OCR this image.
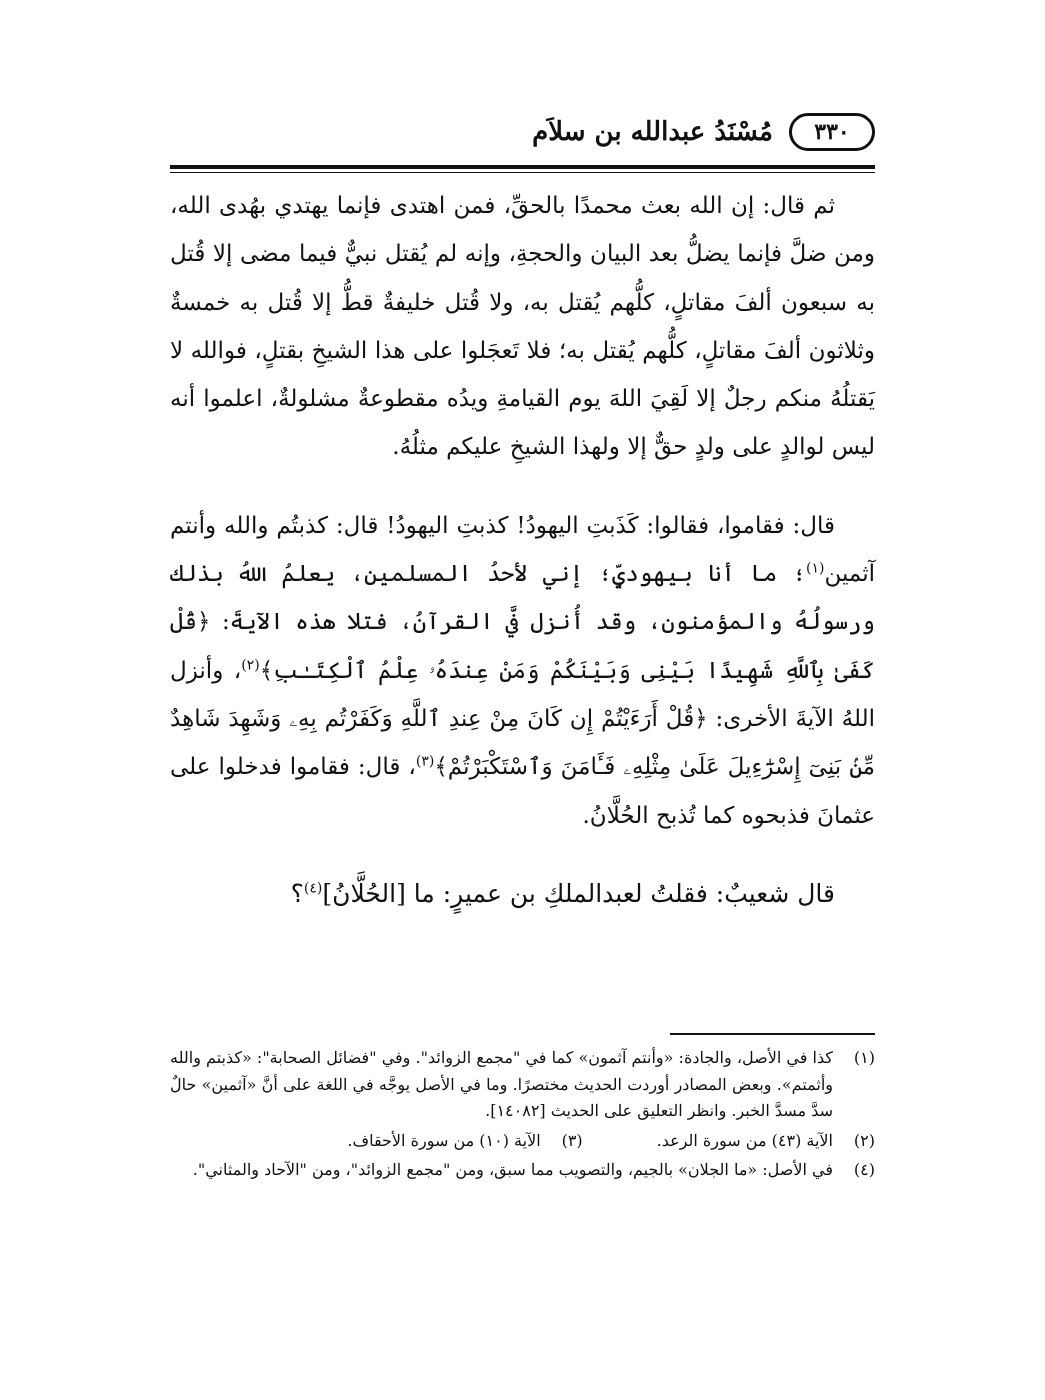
٣٣٠
مُسْنَدُ عبدالله بن سلاَم

ثم قال: إن الله بعث محمدًا بالحقِّ، فمن اهتدى فإنما يهتدي بهُدى الله، ومن ضلَّ فإنما يضلُّ بعد البيان والحجةِ، وإنه لم يُقتل نبيٌّ فيما مضى إلا قُتل به سبعون ألفَ مقاتلٍ، كلُّهم يُقتل به، ولا قُتل خليفةٌ قطُّ إلا قُتل به خمسةٌ وثلاثون ألفَ مقاتلٍ، كلُّهم يُقتل به؛ فلا تَعجَلوا على هذا الشيخِ بقتلٍ، فوالله لا يَقتلُهُ منكم رجلٌ إلا لَقِيَ اللهَ يوم القيامةِ ويدُه مقطوعةٌ مشلولةٌ، اعلموا أنه ليس لوالدٍ على ولدٍ حقٌّ إلا ولهذا الشيخِ عليكم مثلُهُ.

قال: فقاموا، فقالوا: كَذَبتِ اليهودُ! كذبتِ اليهودُ! قال: كذبتُم والله وأنتم آثمين$^{(١)}$؛ ما أنا بيهوديٍّ؛ إني لأحدُ المسلمين، يعلمُ اللهُ بذلك ورسولُهُ والمؤمنون، وقد أُنزل فيَّ القرآنُ، فتلا هذه الآيةَ: ﴿قُلْ كَفَىٰ بِٱللَّهِ شَهِيدًا بَيْنِى وَبَيْنَكُمْ وَمَنْ عِندَهُۥ عِلْمُ ٱلْكِتَـٰبِ﴾$^{(٢)}$، وأنزل اللهُ الآيةَ الأخرى: ﴿قُلْ أَرَءَيْتُمْ إِن كَانَ مِنْ عِندِ ٱللَّهِ وَكَفَرْتُم بِهِۦ وَشَهِدَ شَاهِدٌ مِّنۢ بَنِىٓ إِسْرَٰٓءِيلَ عَلَىٰ مِثْلِهِۦ فَـَٔامَنَ وَٱسْتَكْبَرْتُمْ﴾$^{(٣)}$، قال: فقاموا فدخلوا على عثمانَ فذبحوه كما تُذبح الحُلَّانُ.

قال شعيبٌ: فقلتُ لعبدالملكِ بن عميرٍ: ما [الحُلَّانُ]$^{(٤)}$؟

(١)
كذا في الأصل، والجادة: «وأنتم آثمون» كما في "مجمع الزوائد". وفي "فضائل الصحابة": «كذبتم والله وأثمتم». وبعض المصادر أوردت الحديث مختصرًا. وما في الأصل يوجَّه في اللغة على أنَّ «آثمين» حالٌ سدَّ مسدَّ الخبر. وانظر التعليق على الحديث [١٤٠٨٢].
(٢)
الآية (٤٣) من سورة الرعد.
(٣)
الآية (١٠) من سورة الأحقاف.
(٤)
في الأصل: «ما الجلان» بالجيم، والتصويب مما سبق، ومن "مجمع الزوائد"، ومن "الآحاد والمثاني".
